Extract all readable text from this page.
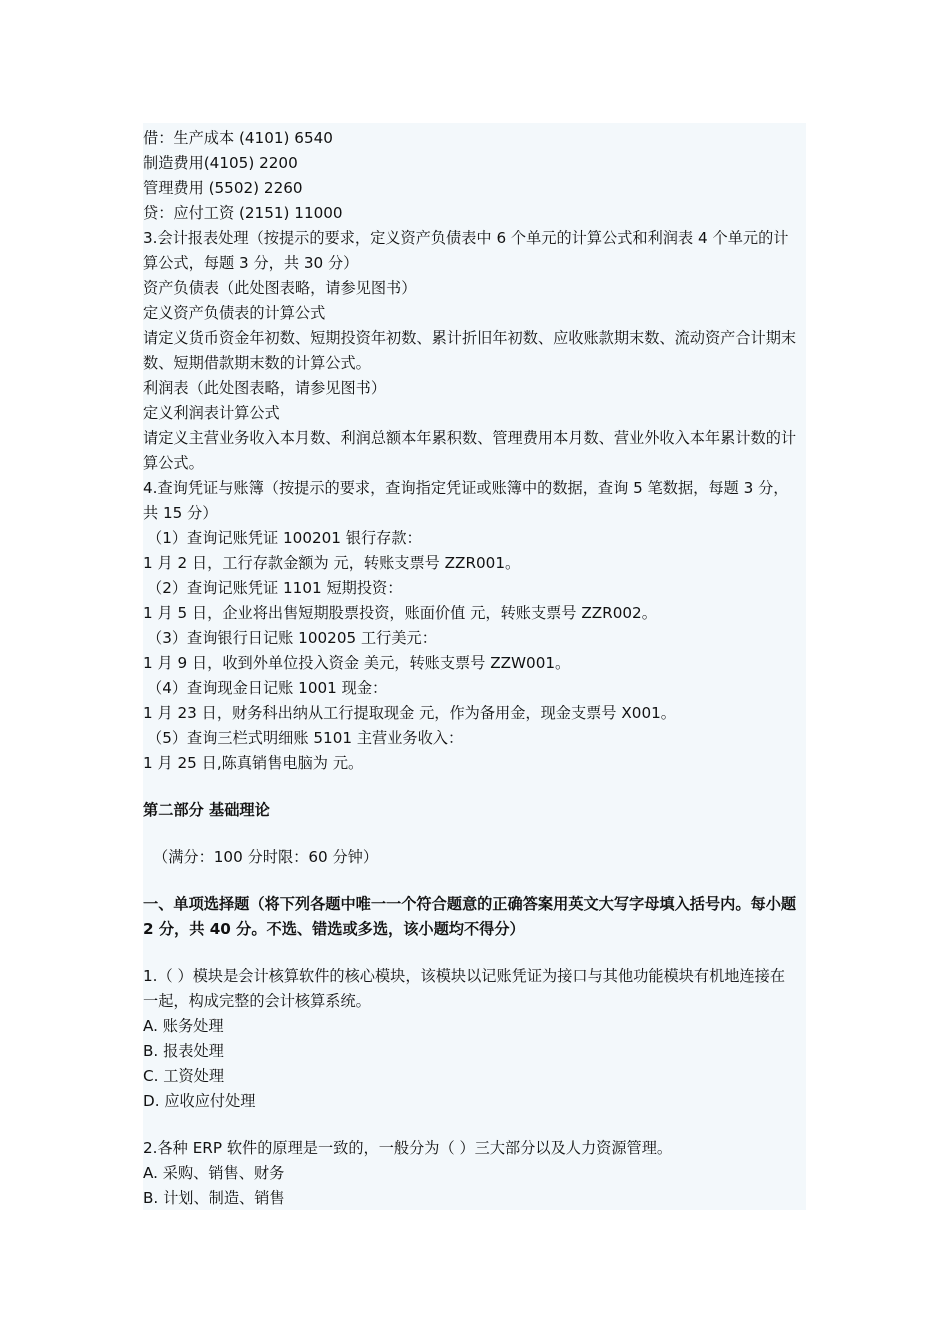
借：生产成本 (4101) 6540
制造费用(4105) 2200
管理费用 (5502) 2260
贷：应付工资 (2151) 11000
3.会计报表处理（按提示的要求，定义资产负债表中 6 个单元的计算公式和利润表 4 个单元的计算公式，每题 3 分，共 30 分）
资产负债表（此处图表略，请参见图书）
定义资产负债表的计算公式
请定义货币资金年初数、短期投资年初数、累计折旧年初数、应收账款期末数、流动资产合计期末数、短期借款期末数的计算公式。
利润表（此处图表略，请参见图书）
定义利润表计算公式
请定义主营业务收入本月数、利润总额本年累积数、管理费用本月数、营业外收入本年累计数的计算公式。
4.查询凭证与账簿（按提示的要求，查询指定凭证或账簿中的数据，查询 5 笔数据，每题 3 分，共 15 分）
（1）查询记账凭证 100201 银行存款：
1 月 2 日，工行存款金额为 元，转账支票号 ZZR001。
（2）查询记账凭证 1101 短期投资：
1 月 5 日，企业将出售短期股票投资，账面价值 元，转账支票号 ZZR002。
（3）查询银行日记账 100205 工行美元：
1 月 9 日，收到外单位投入资金 美元，转账支票号 ZZW001。
（4）查询现金日记账 1001 现金：
1 月 23 日，财务科出纳从工行提取现金 元，作为备用金，现金支票号 X001。
（5）查询三栏式明细账 5101 主营业务收入：
1 月 25 日,陈真销售电脑为 元。
第二部分 基础理论
（满分：100 分时限：60 分钟）
一、单项选择题（将下列各题中唯一一个符合题意的正确答案用英文大写字母填入括号内。每小题 2 分，共 40 分。不选、错选或多选，该小题均不得分）
1.（ ）模块是会计核算软件的核心模块，该模块以记账凭证为接口与其他功能模块有机地连接在一起，构成完整的会计核算系统。
A. 账务处理
B. 报表处理
C. 工资处理
D. 应收应付处理
2.各种 ERP 软件的原理是一致的，一般分为（ ）三大部分以及人力资源管理。
A. 采购、销售、财务
B. 计划、制造、销售
